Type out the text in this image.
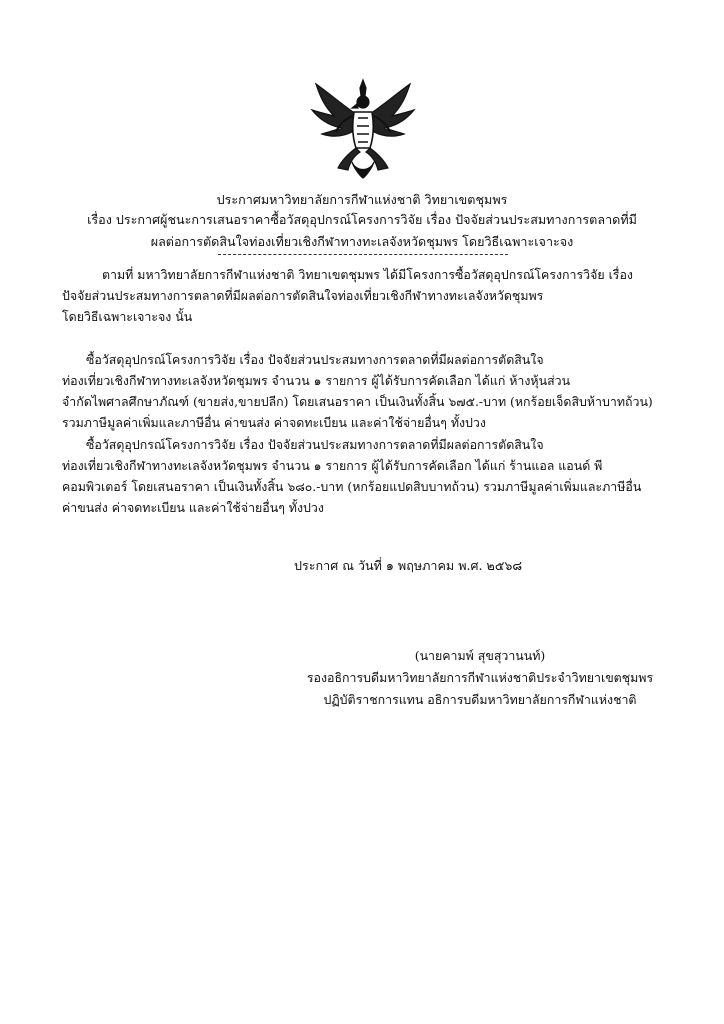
ประกาศมหาวิทยาลัยการกีฬาแห่งชาติ วิทยาเขตชุมพร
เรื่อง ประกาศผู้ชนะการเสนอราคาซื้อวัสดุอุปกรณ์โครงการวิจัย เรื่อง ปัจจัยส่วนประสมทางการตลาดที่มี
ผลต่อการตัดสินใจท่องเที่ยวเชิงกีฬาทางทะเลจังหวัดชุมพร โดยวิธีเฉพาะเจาะจง
ตามที่ มหาวิทยาลัยการกีฬาแห่งชาติ วิทยาเขตชุมพร ได้มีโครงการซื้อวัสดุอุปกรณ์โครงการวิจัย เรื่อง
ปัจจัยส่วนประสมทางการตลาดที่มีผลต่อการตัดสินใจท่องเที่ยวเชิงกีฬาทางทะเลจังหวัดชุมพร
โดยวิธีเฉพาะเจาะจง นั้น
ซื้อวัสดุอุปกรณ์โครงการวิจัย เรื่อง ปัจจัยส่วนประสมทางการตลาดที่มีผลต่อการตัดสินใจ
ท่องเที่ยวเชิงกีฬาทางทะเลจังหวัดชุมพร จำนวน ๑ รายการ ผู้ได้รับการคัดเลือก ได้แก่ ห้างหุ้นส่วน
จำกัดไพศาลศึกษาภัณฑ์ (ขายส่ง,ขายปลีก) โดยเสนอราคา เป็นเงินทั้งสิ้น ๖๗๕.-บาท (หกร้อยเจ็ดสิบห้าบาทถ้วน)
รวมภาษีมูลค่าเพิ่มและภาษีอื่น ค่าขนส่ง ค่าจดทะเบียน และค่าใช้จ่ายอื่นๆ ทั้งปวง
ซื้อวัสดุอุปกรณ์โครงการวิจัย เรื่อง ปัจจัยส่วนประสมทางการตลาดที่มีผลต่อการตัดสินใจ
ท่องเที่ยวเชิงกีฬาทางทะเลจังหวัดชุมพร จำนวน ๑ รายการ ผู้ได้รับการคัดเลือก ได้แก่ ร้านแอล แอนด์ พี
คอมพิวเตอร์ โดยเสนอราคา เป็นเงินทั้งสิ้น ๖๘๐.-บาท (หกร้อยแปดสิบบาทถ้วน) รวมภาษีมูลค่าเพิ่มและภาษีอื่น
ค่าขนส่ง ค่าจดทะเบียน และค่าใช้จ่ายอื่นๆ ทั้งปวง
ประกาศ ณ วันที่ ๑ พฤษภาคม พ.ศ. ๒๕๖๘
(นายคามพ์ สุขสุวานนท์)
รองอธิการบดีมหาวิทยาลัยการกีฬาแห่งชาติประจำวิทยาเขตชุมพร
ปฏิบัติราชการแทน อธิการบดีมหาวิทยาลัยการกีฬาแห่งชาติ
